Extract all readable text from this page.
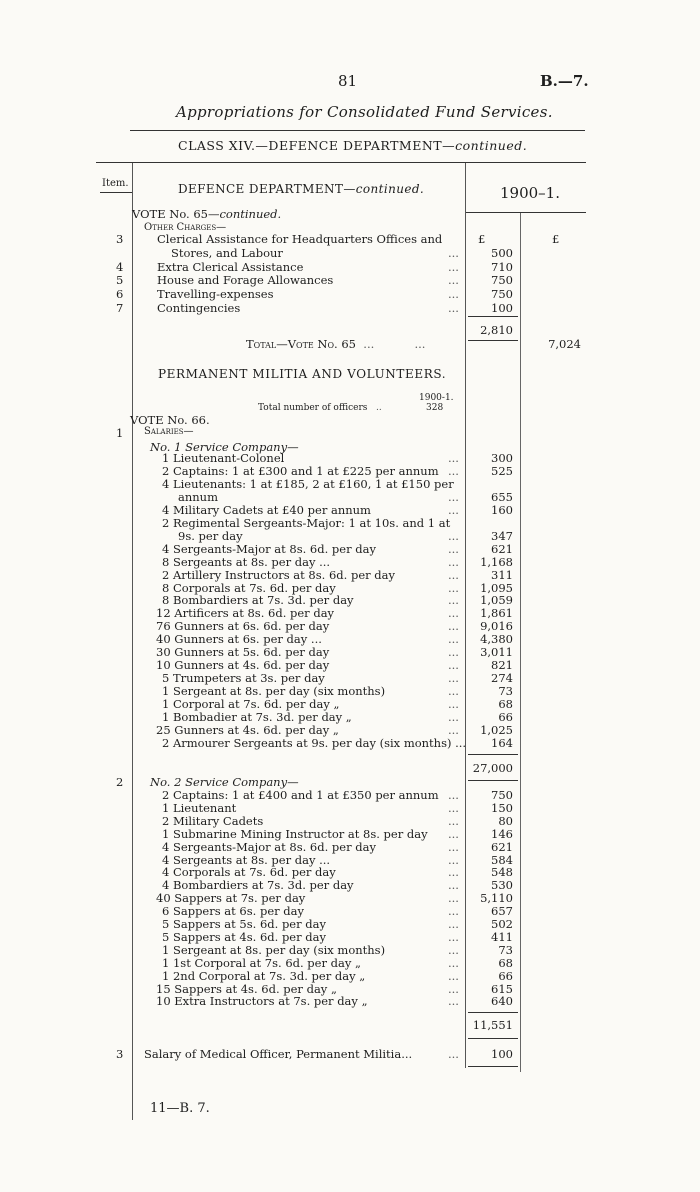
81	B.—7.
Appropriations for Consolidated Fund Services.
CLASS XIV.—DEFENCE DEPARTMENT—continued.
Item.	DEFENCE DEPARTMENT—continued.	1900–1.
VOTE No. 65—continued.
Other Charges—
£	£
3	Clerical Assistance for Headquarters Offices and
Stores, and Labour	...	500
4	Extra Clerical Assistance	...	710
5	House and Forage Allowances	...	750
6	Travelling-expenses	...	750
7	Contingencies	...	100
2,810
Total—Vote No. 65  ...           ...	7,024
PERMANENT MILITIA AND VOLUNTEERS.
1900-1.
Total number of officers   ..	328
VOTE No. 66.
Salaries—
1
No. 1 Service Company—
1 Lieutenant-Colonel	...	300
2 Captains: 1 at £300 and 1 at £225 per annum ...	525
4 Lieutenants: 1 at £185, 2 at £160, 1 at £150 per
annum	...	655
4 Military Cadets at £40 per annum	...	160
2 Regimental Sergeants-Major: 1 at 10s. and 1 at
9s. per day	...	347
4 Sergeants-Major at 8s. 6d. per day	...	621
8 Sergeants at 8s. per day ...	...	1,168
2 Artillery Instructors at 8s. 6d. per day	...	311
8 Corporals at 7s. 6d. per day	...	1,095
8 Bombardiers at 7s. 3d. per day	...	1,059
12 Artificers at 8s. 6d. per day	...	1,861
76 Gunners at 6s. 6d. per day	...	9,016
40 Gunners at 6s. per day ...	...	4,380
30 Gunners at 5s. 6d. per day	...	3,011
10 Gunners at 4s. 6d. per day	...	821
5 Trumpeters at 3s. per day	...	274
1 Sergeant at 8s. per day (six months)	...	73
1 Corporal at 7s. 6d. per day „	...	68
1 Bombadier at 7s. 3d. per day „	...	66
25 Gunners at 4s. 6d. per day „	...	1,025
2 Armourer Sergeants at 9s. per day (six months) ...	164
27,000
2 No. 2 Service Company—
2 Captains: 1 at £400 and 1 at £350 per annum ...	750
1 Lieutenant	...	150
2 Military Cadets	...	80
1 Submarine Mining Instructor at 8s. per day ...	146
4 Sergeants-Major at 8s. 6d. per day	...	621
4 Sergeants at 8s. per day ...	...	584
4 Corporals at 7s. 6d. per day	...	548
4 Bombardiers at 7s. 3d. per day	...	530
40 Sappers at 7s. per day	...	5,110
6 Sappers at 6s. per day	...	657
5 Sappers at 5s. 6d. per day	...	502
5 Sappers at 4s. 6d. per day	...	411
1 Sergeant at 8s. per day (six months)	...	73
1 1st Corporal at 7s. 6d. per day „	...	68
1 2nd Corporal at 7s. 3d. per day „	...	66
15 Sappers at 4s. 6d. per day „	...	615
10 Extra Instructors at 7s. per day „	...	640
11,551
3 Salary of Medical Officer, Permanent Militia...	...	100
11—B. 7.
